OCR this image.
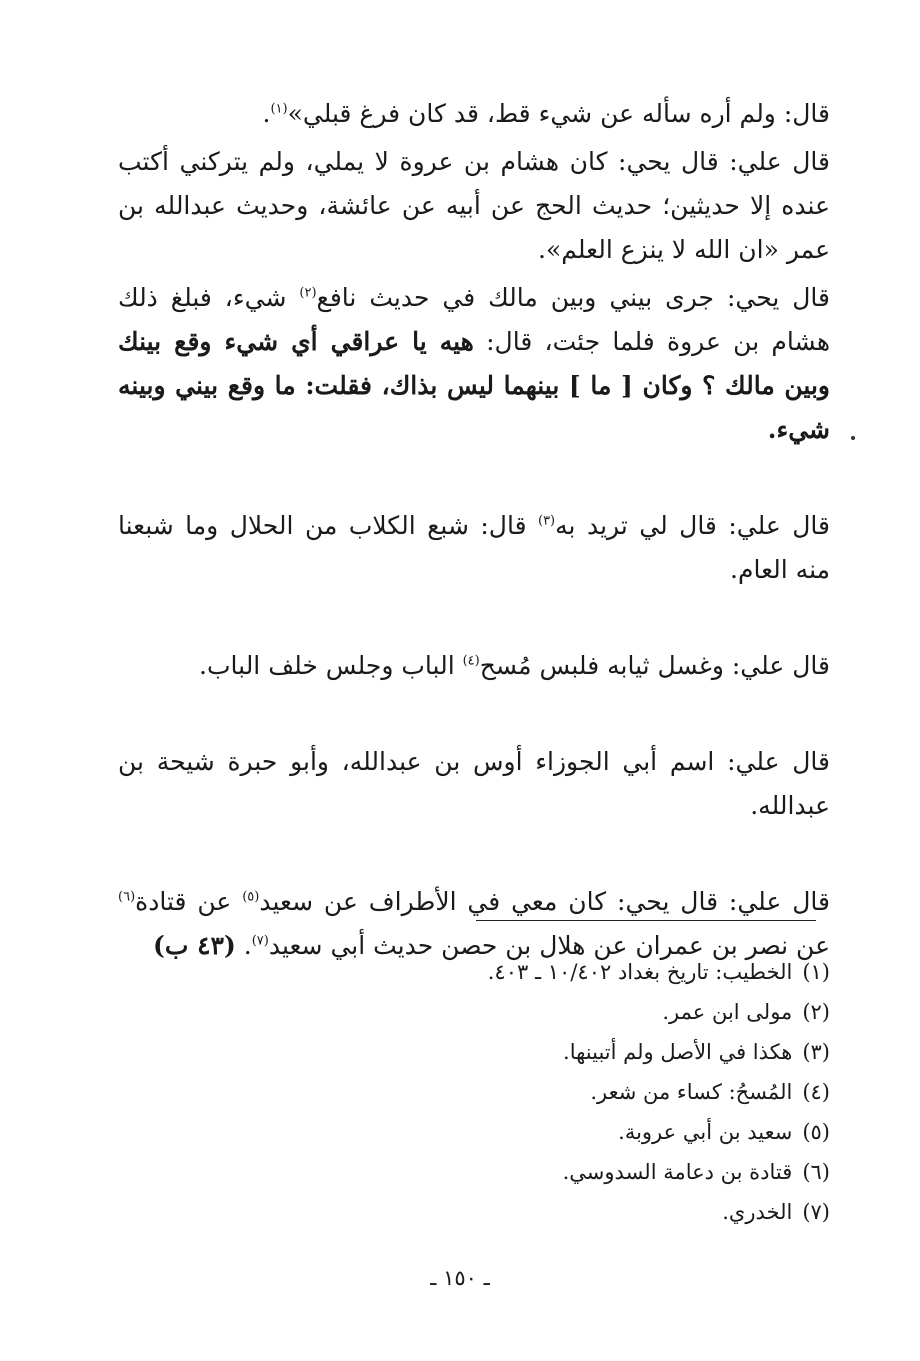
قال: ولم أره سأله عن شيء قط، قد كان فرغ قبلي»$^{(١)}$.

قال علي: قال يحي: كان هشام بن عروة لا يملي، ولم يتركني أكتب عنده إلا حديثين؛ حديث الحج عن أبيه عن عائشة، وحديث عبدالله بن عمر «ان الله لا ينزع العلم».

قال يحي: جرى بيني وبين مالك في حديث نافع$^{(٢)}$ شيء، فبلغ ذلك هشام بن عروة فلما جئت، قال: هيه يا عراقي أي شيء وقع بينك وبين مالك ؟ وكان [ ما ] بينهما ليس بذاك، فقلت: ما وقع بيني وبينه شيء.

قال علي: قال لي تريد به$^{(٣)}$ قال: شبع الكلاب من الحلال وما شبعنا منه العام.

قال علي: وغسل ثيابه فلبس مُسح$^{(٤)}$ الباب وجلس خلف الباب.

قال علي: اسم أبي الجوزاء أوس بن عبدالله، وأبو حبرة شيحة بن عبدالله.

قال علي: قال يحي: كان معي في الأطراف عن سعيد$^{(٥)}$ عن قتادة$^{(٦)}$ عن نصر بن عمران عن هلال بن حصن حديث أبي سعيد$^{(٧)}$. (٤٣ ب)

(١)الخطيب: تاريخ بغداد ١٠/٤٠٢ ـ ٤٠٣.
(٢)مولى ابن عمر.
(٣)هكذا في الأصل ولم أتبينها.
(٤)المُسحُ: كساء من شعر.
(٥)سعيد بن أبي عروبة.
(٦)قتادة بن دعامة السدوسي.
(٧)الخدري.
ـ ١٥٠ ـ
